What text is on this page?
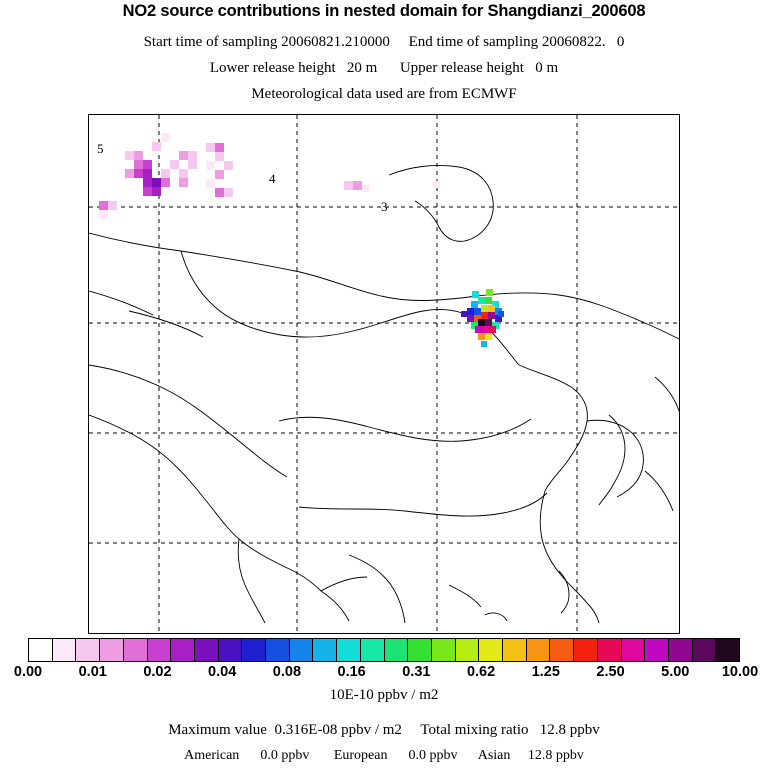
NO2 source contributions in nested domain for Shangdianzi_200608
Start time of sampling 20060821.210000 End time of sampling 20060822.   0
Lower release height 20 m Upper release height 0 m
Meteorological data used are from ECMWF
5
4
3
0.00	0.01	0.02	0.04	0.08	0.16	0.31	0.62	1.25	2.50	5.00 10.00
10E-10 ppbv / m2
Maximum value 0.316E-08 ppbv / m2 Total mixing ratio 12.8 ppbv
American 0.0 ppbv European 0.0 ppbv Asian 12.8 ppbv
